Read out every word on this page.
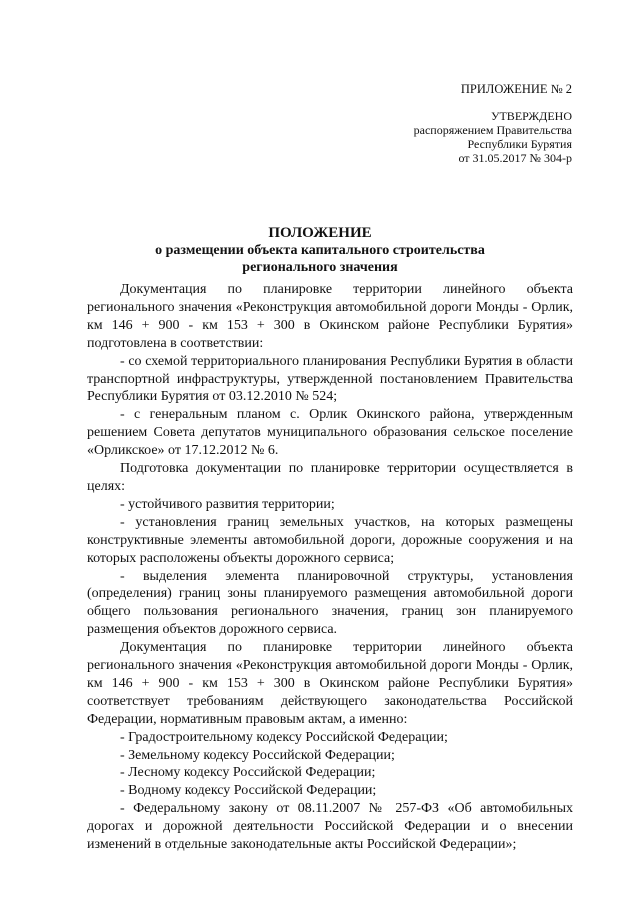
ПРИЛОЖЕНИЕ № 2
УТВЕРЖДЕНО
распоряжением Правительства
Республики Бурятия
от 31.05.2017 № 304-р
ПОЛОЖЕНИЕ
о размещении объекта капитального строительства
регионального значения

Документация по планировке территории линейного объекта регионального значения «Реконструкция автомобильной дороги Монды - Орлик, км 146 + 900 - км 153 + 300 в Окинском районе Республики Бурятия» подготовлена в соответствии:

- со схемой территориального планирования Республики Бурятия в области транспортной инфраструктуры, утвержденной постановлением Правительства Республики Бурятия от 03.12.2010 № 524;

- с генеральным планом с. Орлик Окинского района, утвержденным решением Совета депутатов муниципального образования сельское поселение «Орликское» от 17.12.2012 № 6.

Подготовка документации по планировке территории осуществляется в целях:

- устойчивого развития территории;

- установления границ земельных участков, на которых размещены конструктивные элементы автомобильной дороги, дорожные сооружения и на которых расположены объекты дорожного сервиса;

- выделения элемента планировочной структуры, установления (определения) границ зоны планируемого размещения автомобильной дороги общего пользования регионального значения, границ зон планируемого размещения объектов дорожного сервиса.

Документация по планировке территории линейного объекта регионального значения «Реконструкция автомобильной дороги Монды - Орлик, км 146 + 900 - км 153 + 300 в Окинском районе Республики Бурятия» соответствует требованиям действующего законодательства Российской Федерации, нормативным правовым актам, а именно:

- Градостроительному кодексу Российской Федерации;

- Земельному кодексу Российской Федерации;

- Лесному кодексу Российской Федерации;

- Водному кодексу Российской Федерации;

- Федеральному закону от 08.11.2007 № 257-ФЗ «Об автомобильных дорогах и дорожной деятельности Российской Федерации и о внесении изменений в отдельные законодательные акты Российской Федерации»;
